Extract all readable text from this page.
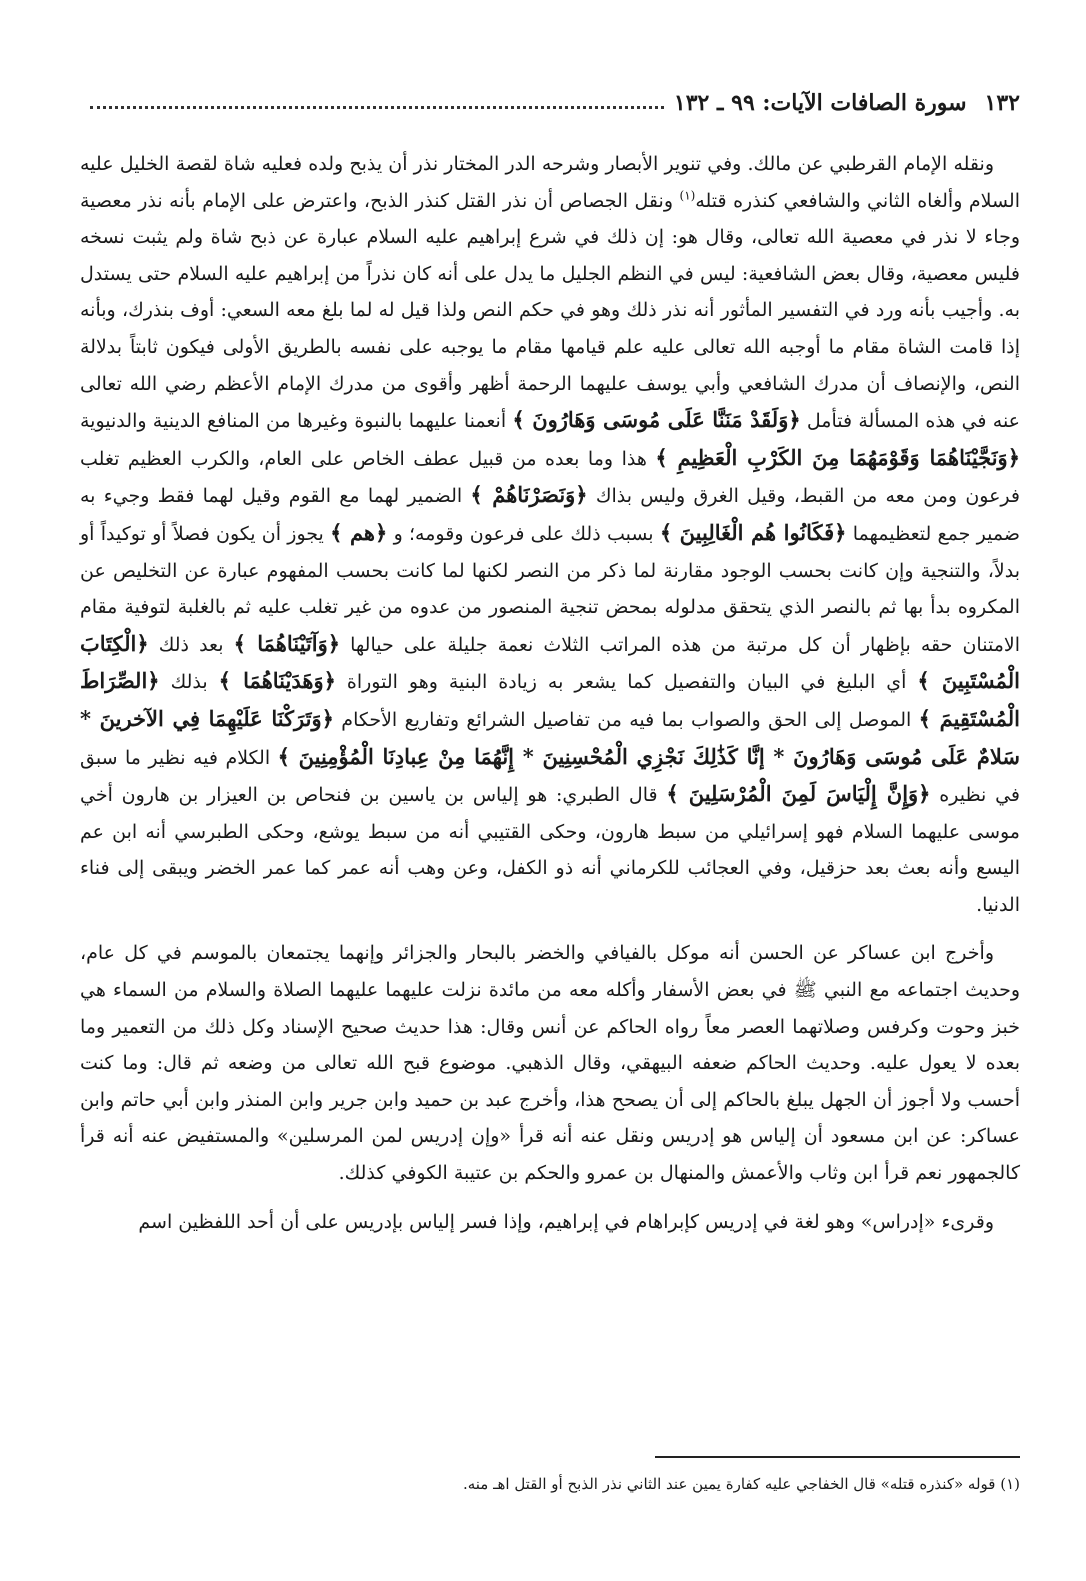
١٣٢
سورة الصافات الآيات: ٩٩ ـ ١٣٢

ونقله الإمام القرطبي عن مالك. وفي تنوير الأبصار وشرحه الدر المختار نذر أن يذبح ولده فعليه شاة لقصة الخليل عليه السلام وألغاه الثاني والشافعي كنذره قتله$^{(١)}$ ونقل الجصاص أن نذر القتل كنذر الذبح، واعترض على الإمام بأنه نذر معصية وجاء لا نذر في معصية الله تعالى، وقال هو: إن ذلك في شرع إبراهيم عليه السلام عبارة عن ذبح شاة ولم يثبت نسخه فليس معصية، وقال بعض الشافعية: ليس في النظم الجليل ما يدل على أنه كان نذراً من إبراهيم عليه السلام حتى يستدل به. وأجيب بأنه ورد في التفسير المأثور أنه نذر ذلك وهو في حكم النص ولذا قيل له لما بلغ معه السعي: أوف بنذرك، وبأنه إذا قامت الشاة مقام ما أوجبه الله تعالى عليه علم قيامها مقام ما يوجبه على نفسه بالطريق الأولى فيكون ثابتاً بدلالة النص، والإنصاف أن مدرك الشافعي وأبي يوسف عليهما الرحمة أظهر وأقوى من مدرك الإمام الأعظم رضي الله تعالى عنه في هذه المسألة فتأمل ﴿وَلَقَدْ مَنَنَّا عَلَى مُوسَى وَهَارُونَ ﴾ أنعمنا عليهما بالنبوة وغيرها من المنافع الدينية والدنيوية ﴿وَنَجَّيْنَاهُمَا وَقَوْمَهُمَا مِنَ الكَرْبِ الْعَظِيمِ ﴾ هذا وما بعده من قبيل عطف الخاص على العام، والكرب العظيم تغلب فرعون ومن معه من القبط، وقيل الغرق وليس بذاك ﴿وَنَصَرْنَاهُمْ ﴾ الضمير لهما مع القوم وقيل لهما فقط وجيء به ضمير جمع لتعظيمهما ﴿فَكَانُوا هُم الْغَالِبِينَ ﴾ بسبب ذلك على فرعون وقومه؛ و ﴿هم ﴾ يجوز أن يكون فصلاً أو توكيداً أو بدلاً، والتنجية وإن كانت بحسب الوجود مقارنة لما ذكر من النصر لكنها لما كانت بحسب المفهوم عبارة عن التخليص عن المكروه بدأ بها ثم بالنصر الذي يتحقق مدلوله بمحض تنجية المنصور من عدوه من غير تغلب عليه ثم بالغلبة لتوفية مقام الامتنان حقه بإظهار أن كل مرتبة من هذه المراتب الثلاث نعمة جليلة على حيالها ﴿وَآتَيْنَاهُمَا ﴾ بعد ذلك ﴿الْكِتَابَ الْمُسْتَبِينَ ﴾ أي البليغ في البيان والتفصيل كما يشعر به زيادة البنية وهو التوراة ﴿وَهَدَيْنَاهُمَا ﴾ بذلك ﴿الصِّرَاطَ الْمُسْتَقِيمَ ﴾ الموصل إلى الحق والصواب بما فيه من تفاصيل الشرائع وتفاريع الأحكام ﴿وَتَرَكْنَا عَلَيْهِمَا فِي الآخرينَ * سَلامٌ عَلَى مُوسَى وَهَارُونَ * إنَّا كَذَٰلِكَ نَجْزِي الْمُحْسِنِينَ * إِنَّهُمَا مِنْ عِبادِنَا الْمُؤْمِنِينَ ﴾ الكلام فيه نظير ما سبق في نظيره ﴿وَإِنَّ إِلْيَاسَ لَمِنَ الْمُرْسَلِينَ ﴾ قال الطبري: هو إلياس بن ياسين بن فنحاص بن العيزار بن هارون أخي موسى عليهما السلام فهو إسرائيلي من سبط هارون، وحكى القتيبي أنه من سبط يوشع، وحكى الطبرسي أنه ابن عم اليسع وأنه بعث بعد حزقيل، وفي العجائب للكرماني أنه ذو الكفل، وعن وهب أنه عمر كما عمر الخضر ويبقى إلى فناء الدنيا.

وأخرج ابن عساكر عن الحسن أنه موكل بالفيافي والخضر بالبحار والجزائر وإنهما يجتمعان بالموسم في كل عام، وحديث اجتماعه مع النبي ﷺ في بعض الأسفار وأكله معه من مائدة نزلت عليهما عليهما الصلاة والسلام من السماء هي خبز وحوت وكرفس وصلاتهما العصر معاً رواه الحاكم عن أنس وقال: هذا حديث صحيح الإسناد وكل ذلك من التعمير وما بعده لا يعول عليه. وحديث الحاكم ضعفه البيهقي، وقال الذهبي. موضوع قبح الله تعالى من وضعه ثم قال: وما كنت أحسب ولا أجوز أن الجهل يبلغ بالحاكم إلى أن يصحح هذا، وأخرج عبد بن حميد وابن جرير وابن المنذر وابن أبي حاتم وابن عساكر: عن ابن مسعود أن إلياس هو إدريس ونقل عنه أنه قرأ «وإن إدريس لمن المرسلين» والمستفيض عنه أنه قرأ كالجمهور نعم قرأ ابن وثاب والأعمش والمنهال بن عمرو والحكم بن عتيبة الكوفي كذلك.

وقرىء «إدراس» وهو لغة في إدريس كإبراهام في إبراهيم، وإذا فسر إلياس بإدريس على أن أحد اللفظين اسم

(١) قوله «كنذره قتله» قال الخفاجي عليه كفارة يمين عند الثاني نذر الذبح أو القتل اهـ منه.
